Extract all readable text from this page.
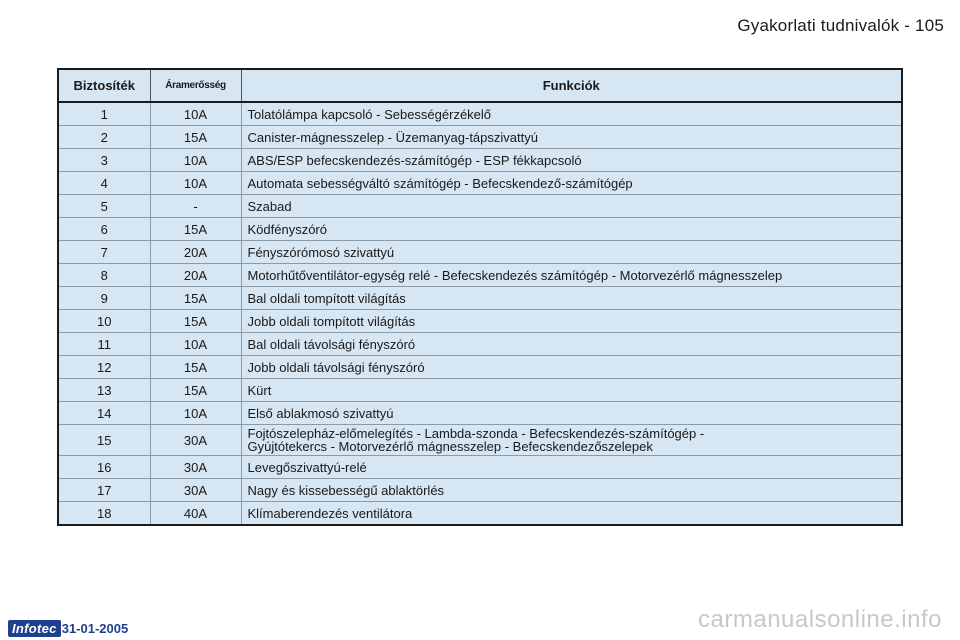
Gyakorlati tudnivalók - 105
Biztosíték	Áramerősség	Funkciók
1	10A	Tolatólámpa kapcsoló - Sebességérzékelő
2	15A	Canister-mágnesszelep - Üzemanyag-tápszivattyú
3	10A	ABS/ESP befecskendezés-számítógép - ESP fékkapcsoló
4	10A	Automata sebességváltó számítógép - Befecskendező-számítógép
5	-	Szabad
6	15A	Ködfényszóró
7	20A	Fényszórómosó szivattyú
8	20A	Motorhűtőventilátor-egység relé - Befecskendezés számítógép - Motorvezérlő mágnesszelep
9	15A	Bal oldali tompított világítás
10	15A	Jobb oldali tompított világítás
11	10A	Bal oldali távolsági fényszóró
12	15A	Jobb oldali távolsági fényszóró
13	15A	Kürt
14	10A	Első ablakmosó szivattyú
15	30A	Fojtószelepház-előmelegítés - Lambda-szonda - Befecskendezés-számítógép -
Gyújtótekercs - Motorvezérlő mágnesszelep - Befecskendezőszelepek
16	30A	Levegőszivattyú-relé
17	30A	Nagy és kissebességű ablaktörlés
18	40A	Klímaberendezés ventilátora
Infotec 31-01-2005	carmanualsonline.info
